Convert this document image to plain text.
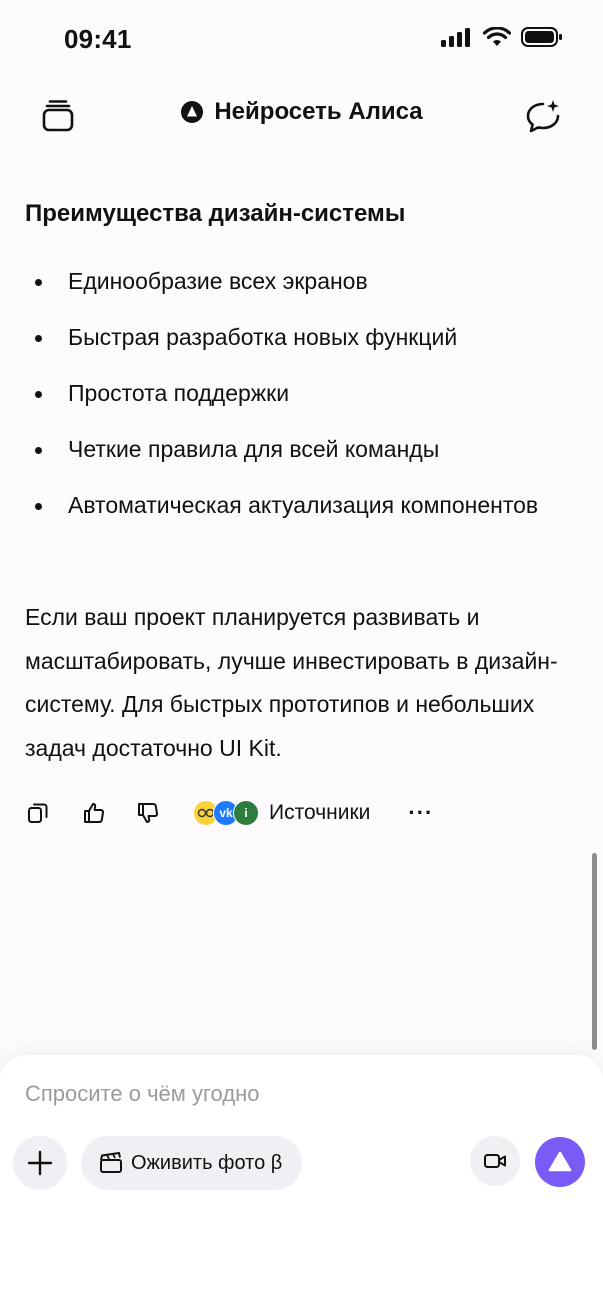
09:41
Нейросеть Алиса
Преимущества дизайн-системы
Единообразие всех экранов
Быстрая разработка новых функций
Простота поддержки
Четкие правила для всей команды
Автоматическая актуализация компонентов

Если ваш проект планируется развивать и масштабировать, лучше инвестировать в дизайн-систему. Для быстрых прототипов и небольших задач достаточно UI Kit.

vk i	Источники ···
Спросите о чём угодно
Оживить фото β
